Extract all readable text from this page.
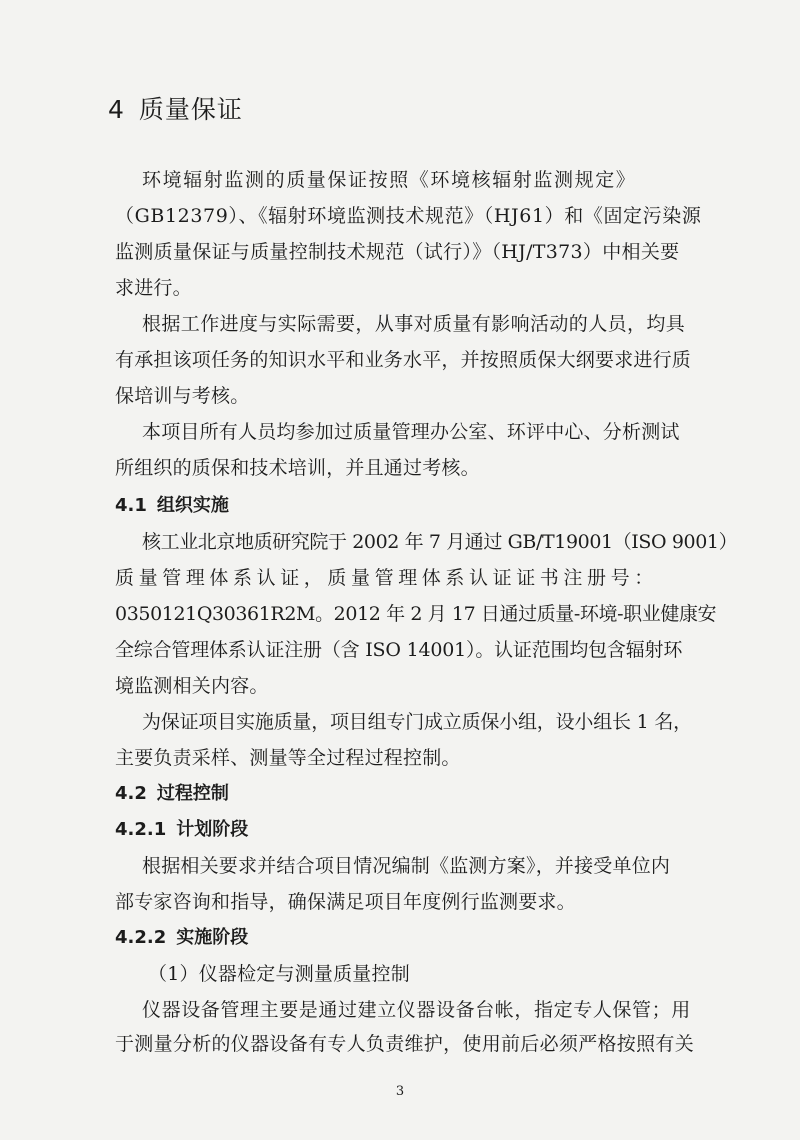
4 质量保证
环境辐射监测的质量保证按照《环境核辐射监测规定》
（GB12379）、《辐射环境监测技术规范》（HJ61）和《固定污染源
监测质量保证与质量控制技术规范（试行）》（HJ/T373）中相关要
求进行。
根据工作进度与实际需要，从事对质量有影响活动的人员，均具
有承担该项任务的知识水平和业务水平，并按照质保大纲要求进行质
保培训与考核。
本项目所有人员均参加过质量管理办公室、环评中心、分析测试
所组织的质保和技术培训，并且通过考核。
4.1 组织实施
核工业北京地质研究院于 2002 年 7 月通过 GB/T19001（ISO 9001）
质量管理体系认证，质量管理体系认证证书注册号：
0350121Q30361R2M。2012 年 2 月 17 日通过质量-环境-职业健康安
全综合管理体系认证注册（含 ISO 14001）。认证范围均包含辐射环
境监测相关内容。
为保证项目实施质量，项目组专门成立质保小组，设小组长 1 名，
主要负责采样、测量等全过程过程控制。
4.2 过程控制
4.2.1 计划阶段
根据相关要求并结合项目情况编制《监测方案》，并接受单位内
部专家咨询和指导，确保满足项目年度例行监测要求。
4.2.2 实施阶段
（1）仪器检定与测量质量控制
仪器设备管理主要是通过建立仪器设备台帐，指定专人保管；用
于测量分析的仪器设备有专人负责维护，使用前后必须严格按照有关
3
